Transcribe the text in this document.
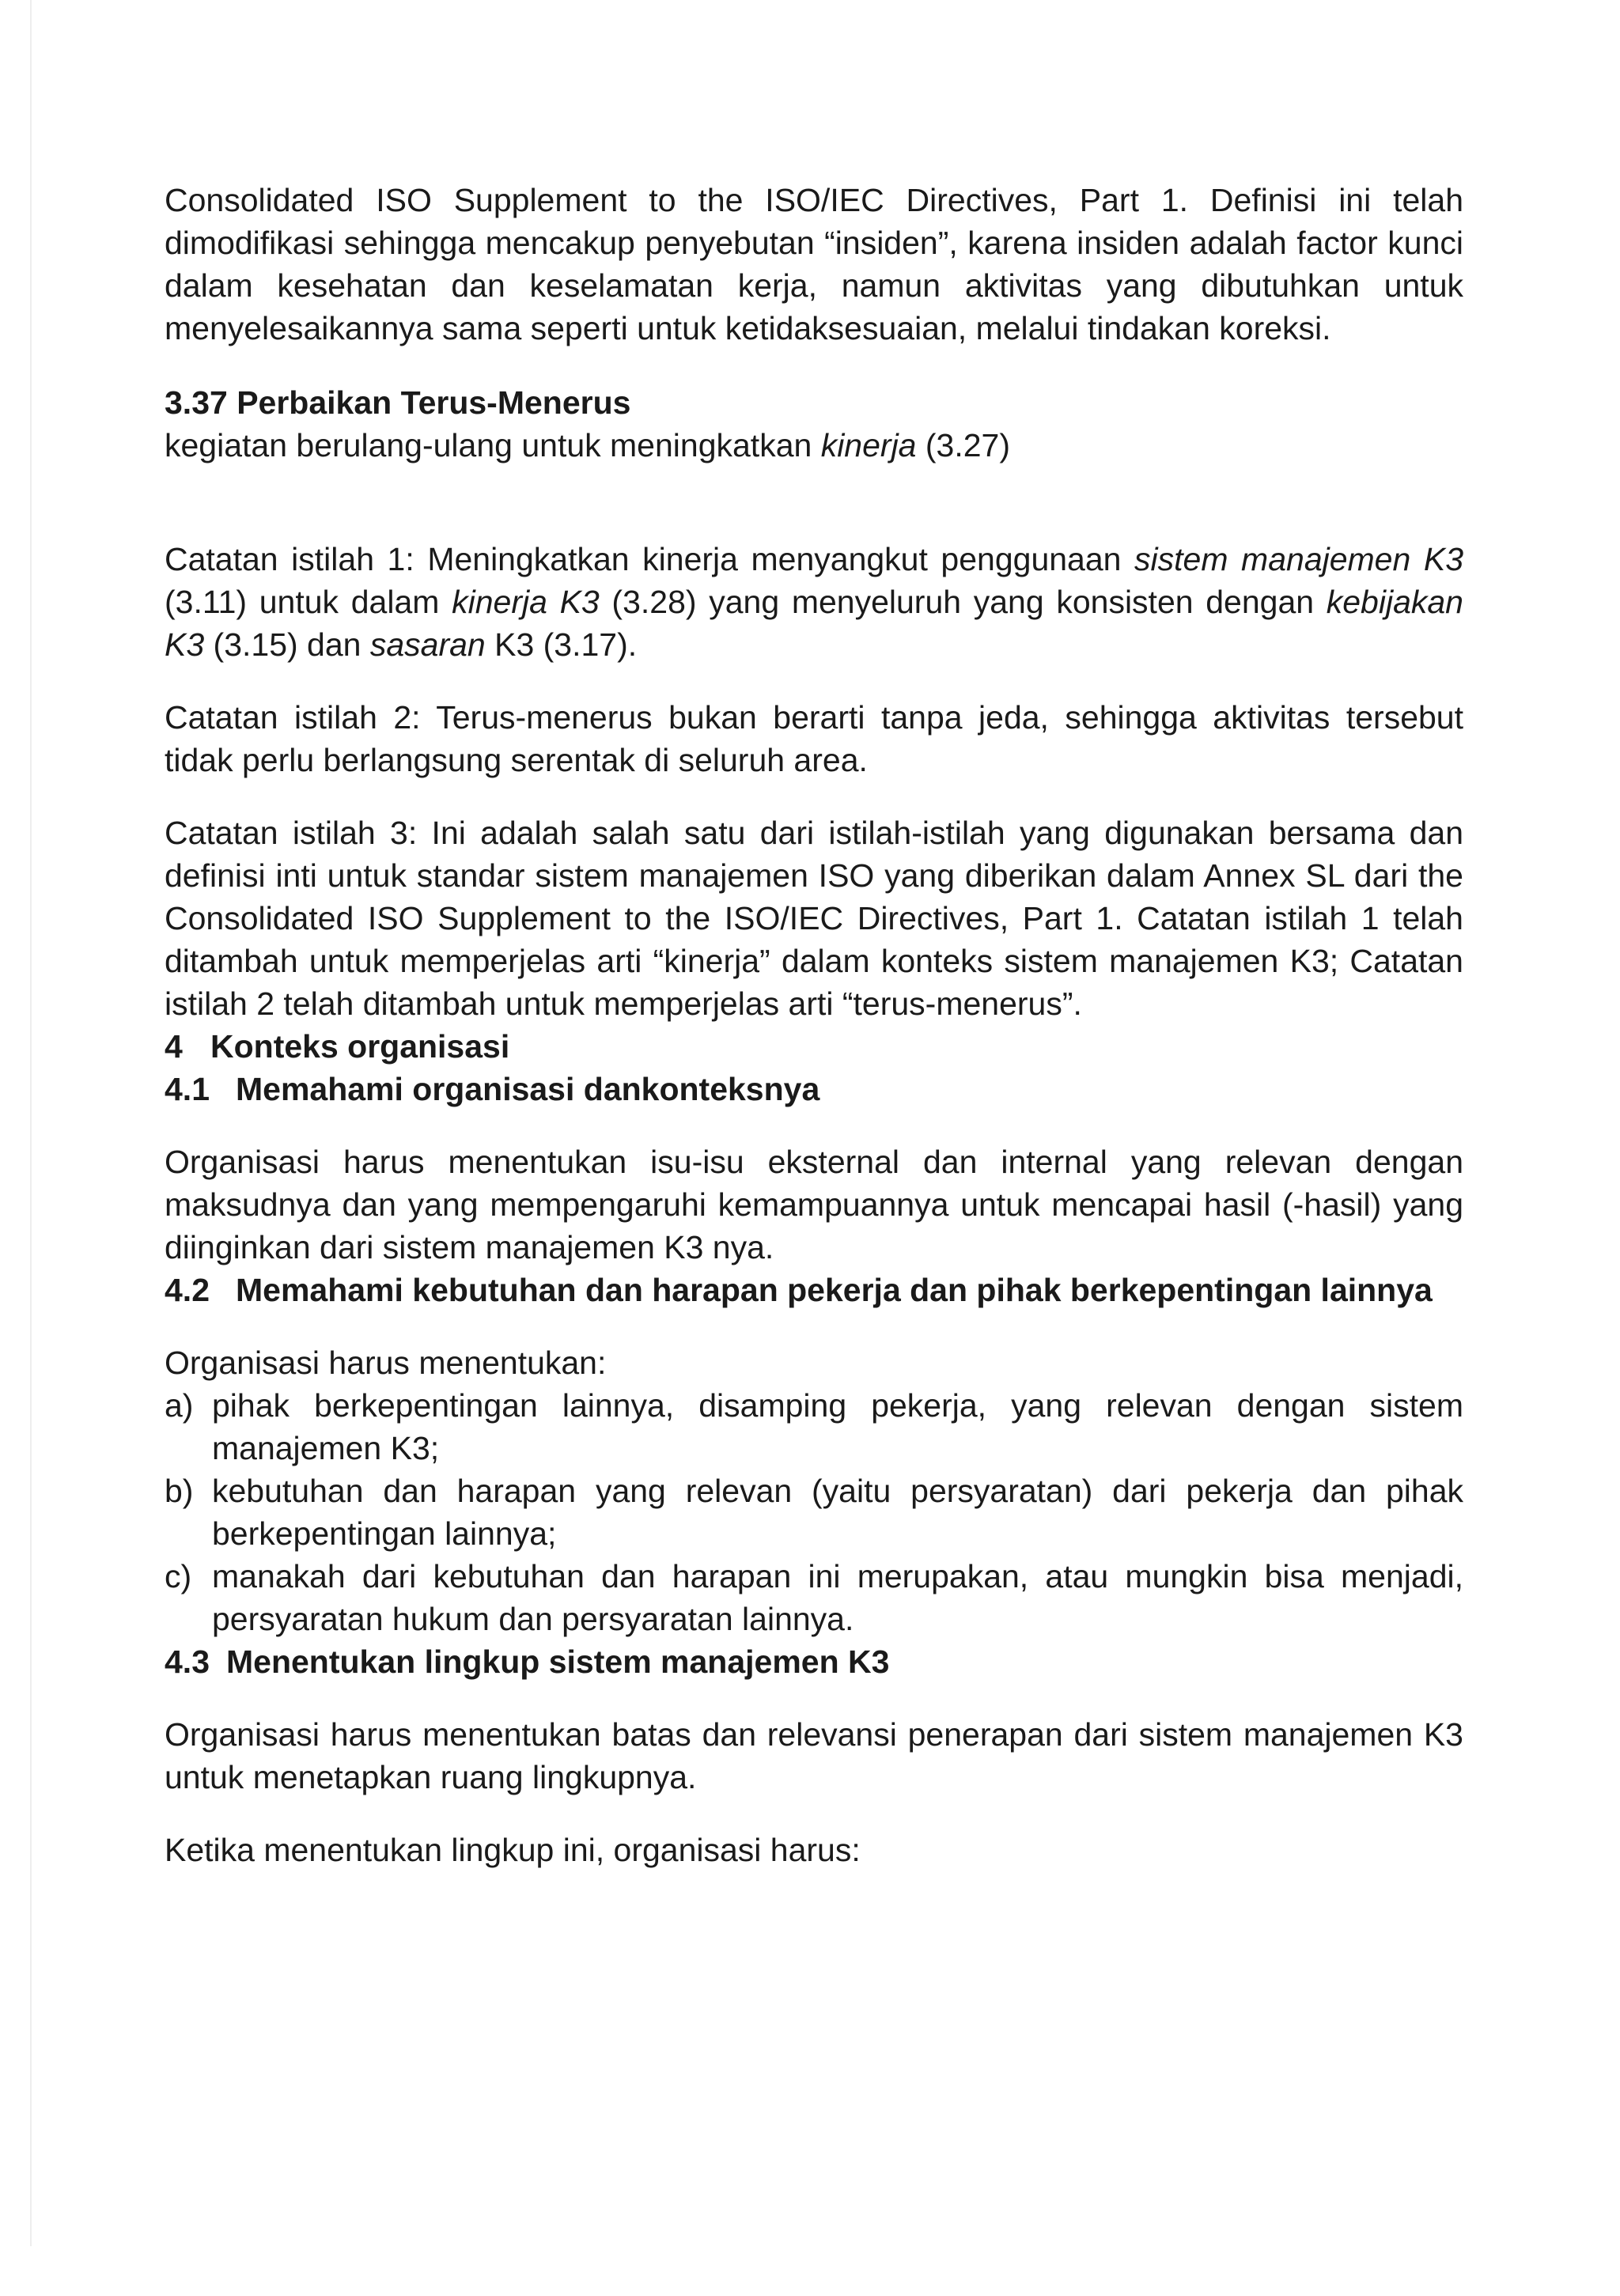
Consolidated ISO Supplement to the ISO/IEC Directives, Part 1. Definisi ini telah dimodifikasi sehingga mencakup penyebutan “insiden”, karena insiden adalah factor kunci dalam kesehatan dan keselamatan kerja, namun aktivitas yang dibutuhkan untuk menyelesaikannya sama seperti untuk ketidaksesuaian, melalui tindakan koreksi.

3.37 Perbaikan Terus-Menerus

kegiatan berulang-ulang untuk meningkatkan kinerja (3.27)

Catatan istilah 1: Meningkatkan kinerja menyangkut penggunaan sistem manajemen K3 (3.11) untuk dalam kinerja K3 (3.28) yang menyeluruh yang konsisten dengan kebijakan K3 (3.15) dan sasaran K3 (3.17).

Catatan istilah 2: Terus-menerus bukan berarti tanpa jeda, sehingga aktivitas tersebut tidak perlu berlangsung serentak di seluruh area.

Catatan istilah 3: Ini adalah salah satu dari istilah-istilah yang digunakan bersama dan definisi inti untuk standar sistem manajemen ISO yang diberikan dalam Annex SL dari the Consolidated ISO Supplement to the ISO/IEC Directives, Part 1. Catatan istilah 1 telah ditambah untuk memperjelas arti “kinerja” dalam konteks sistem manajemen K3; Catatan istilah 2 telah ditambah untuk memperjelas arti “terus-menerus”.

4 Konteks organisasi

4.1 Memahami organisasi dankonteksnya

Organisasi harus menentukan isu-isu eksternal dan internal yang relevan dengan maksudnya dan yang mempengaruhi kemampuannya untuk mencapai hasil (-hasil) yang diinginkan dari sistem manajemen K3 nya.

4.2 Memahami kebutuhan dan harapan pekerja dan pihak berkepentingan lainnya

Organisasi harus menentukan:

a) pihak berkepentingan lainnya, disamping pekerja, yang relevan dengan sistem manajemen K3;
b) kebutuhan dan harapan yang relevan (yaitu persyaratan) dari pekerja dan pihak berkepentingan lainnya;
c) manakah dari kebutuhan dan harapan ini merupakan, atau mungkin bisa menjadi, persyaratan hukum dan persyaratan lainnya.

4.3 Menentukan lingkup sistem manajemen K3

Organisasi harus menentukan batas dan relevansi penerapan dari sistem manajemen K3 untuk menetapkan ruang lingkupnya.

Ketika menentukan lingkup ini, organisasi harus:
